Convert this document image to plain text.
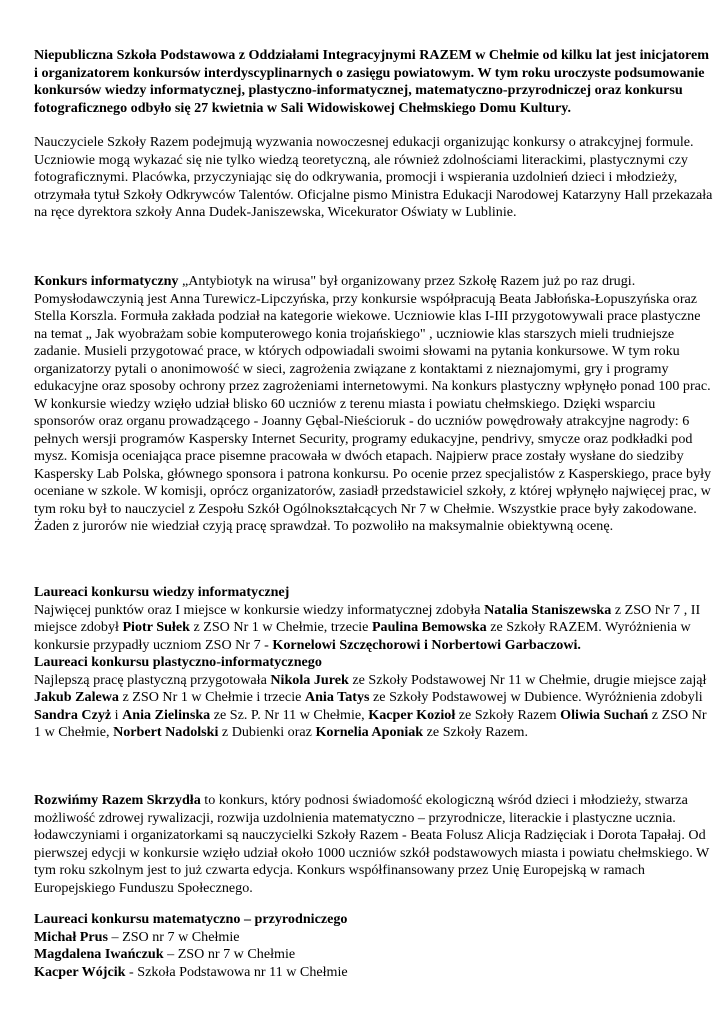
Niepubliczna Szkoła Podstawowa z Oddziałami Integracyjnymi RAZEM w Chełmie od kilku lat jest inicjatorem i organizatorem konkursów interdyscyplinarnych o zasięgu powiatowym. W tym roku uroczyste podsumowanie konkursów wiedzy informatycznej, plastyczno-informatycznej, matematyczno-przyrodniczej oraz konkursu fotograficznego odbyło się 27 kwietnia w Sali Widowiskowej Chełmskiego Domu Kultury.

Nauczyciele Szkoły Razem podejmują wyzwania nowoczesnej edukacji organizując konkursy o atrakcyjnej formule. Uczniowie mogą wykazać się nie tylko wiedzą teoretyczną, ale również zdolnościami literackimi, plastycznymi czy fotograficznymi. Placówka, przyczyniając się do odkrywania, promocji i wspierania uzdolnień dzieci i młodzieży, otrzymała tytuł Szkoły Odkrywców Talentów. Oficjalne pismo Ministra Edukacji Narodowej Katarzyny Hall przekazała na ręce dyrektora szkoły Anna Dudek-Janiszewska, Wicekurator Oświaty w Lublinie.

Konkurs informatyczny „Antybiotyk na wirusa" był organizowany przez Szkołę Razem już po raz drugi. Pomysłodawczynią jest Anna Turewicz-Lipczyńska, przy konkursie współpracują Beata Jabłońska-Łopuszyńska oraz Stella Korszla. Formuła zakłada podział na kategorie wiekowe. Uczniowie klas I-III przygotowywali prace plastyczne na temat „ Jak wyobrażam sobie komputerowego konia trojańskiego" , uczniowie klas starszych mieli trudniejsze zadanie. Musieli przygotować prace, w których odpowiadali swoimi słowami na pytania konkursowe. W tym roku organizatorzy pytali o anonimowość w sieci, zagrożenia związane z kontaktami z nieznajomymi, gry i programy edukacyjne oraz sposoby ochrony przez zagrożeniami internetowymi. Na konkurs plastyczny wpłynęło ponad 100 prac. W konkursie wiedzy wzięło udział blisko 60 uczniów z terenu miasta i powiatu chełmskiego. Dzięki wsparciu sponsorów oraz organu prowadzącego - Joanny Gębal-Nieścioruk - do uczniów powędrowały atrakcyjne nagrody: 6 pełnych wersji programów Kaspersky Internet Security, programy edukacyjne, pendrivy, smycze oraz podkładki pod mysz. Komisja oceniająca prace pisemne pracowała w dwóch etapach. Najpierw prace zostały wysłane do siedziby Kaspersky Lab Polska, głównego sponsora i patrona konkursu. Po ocenie przez specjalistów z Kasperskiego, prace były oceniane w szkole. W komisji, oprócz organizatorów, zasiadł przedstawiciel szkoły, z której wpłynęło najwięcej prac, w tym roku był to nauczyciel z Zespołu Szkół Ogólnokształcących Nr 7 w Chełmie. Wszystkie prace były zakodowane. Żaden z jurorów nie wiedział czyją pracę sprawdzał. To pozwoliło na maksymalnie obiektywną ocenę.

Laureaci konkursu wiedzy informatycznej
Najwięcej punktów oraz I miejsce w konkursie wiedzy informatycznej zdobyła Natalia Staniszewska z ZSO Nr 7 , II miejsce zdobył Piotr Sułek z ZSO Nr 1 w Chełmie, trzecie Paulina Bemowska ze Szkoły RAZEM. Wyróżnienia w konkursie przypadły uczniom ZSO Nr 7 - Kornelowi Szczęchorowi i Norbertowi Garbaczowi.
Laureaci konkursu plastyczno-informatycznego
Najlepszą pracę plastyczną przygotowała Nikola Jurek ze Szkoły Podstawowej Nr 11 w Chełmie, drugie miejsce zajął Jakub Zalewa z ZSO Nr 1 w Chełmie i trzecie Ania Tatys ze Szkoły Podstawowej w Dubience. Wyróżnienia zdobyli Sandra Czyż i Ania Zielinska ze Sz. P. Nr 11 w Chełmie, Kacper Kozioł ze Szkoły Razem Oliwia Suchań z ZSO Nr 1 w Chełmie, Norbert Nadolski z Dubienki oraz Kornelia Aponiak ze Szkoły Razem.

Rozwińmy Razem Skrzydła to konkurs, który podnosi świadomość ekologiczną wśród dzieci i młodzieży, stwarza możliwość zdrowej rywalizacji, rozwija uzdolnienia matematyczno – przyrodnicze, literackie i plastyczne ucznia. łodawczyniami i organizatorkami są nauczycielki Szkoły Razem - Beata Folusz Alicja Radzięciak i Dorota Tapałaj. Od pierwszej edycji w konkursie wzięło udział około 1000 uczniów szkół podstawowych miasta i powiatu chełmskiego. W tym roku szkolnym jest to już czwarta edycja. Konkurs współfinansowany przez Unię Europejską w ramach Europejskiego Funduszu Społecznego.

Laureaci konkursu matematyczno – przyrodniczego
Michał Prus – ZSO nr 7 w Chełmie
Magdalena Iwańczuk – ZSO nr 7 w Chełmie
Kacper Wójcik - Szkoła Podstawowa nr 11 w Chełmie
